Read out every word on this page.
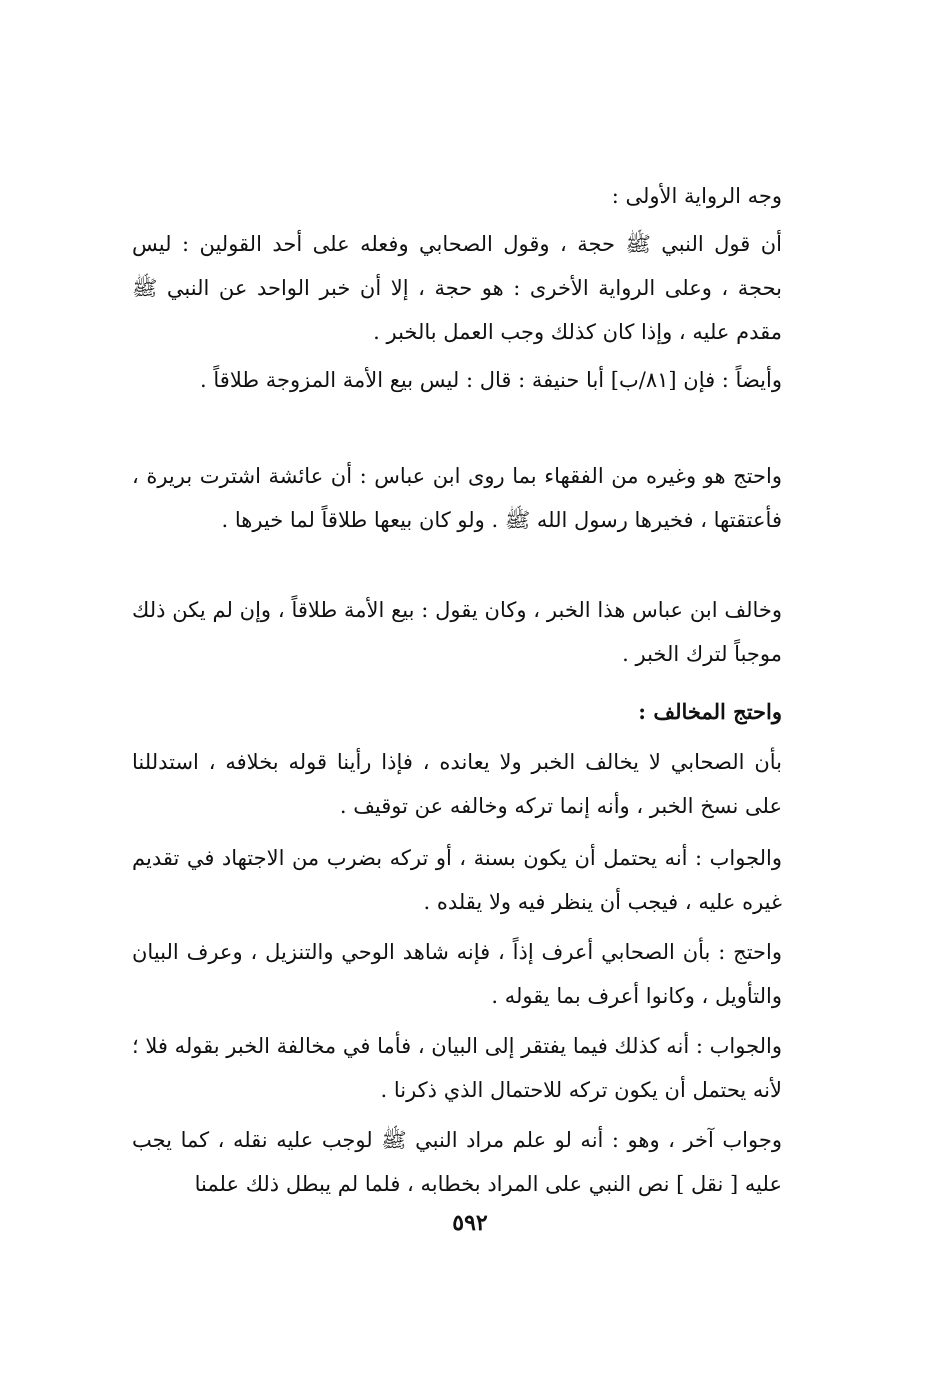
وجه الرواية الأولى :

أن قول النبي ﷺ حجة ، وقول الصحابي وفعله على أحد القولين : ليس بحجة ، وعلى الرواية الأخرى : هو حجة ، إلا أن خبر الواحد عن النبي ﷺ مقدم عليه ، وإذا كان كذلك وجب العمل بالخبر .

وأيضاً : فإن [٨١/ب] أبا حنيفة : قال : ليس بيع الأمة المزوجة طلاقاً .

واحتج هو وغيره من الفقهاء بما روى ابن عباس : أن عائشة اشترت بريرة ، فأعتقتها ، فخيرها رسول الله ﷺ . ولو كان بيعها طلاقاً لما خيرها .

وخالف ابن عباس هذا الخبر ، وكان يقول : بيع الأمة طلاقاً ، وإن لم يكن ذلك موجباً لترك الخبر .

واحتج المخالف :

بأن الصحابي لا يخالف الخبر ولا يعانده ، فإذا رأينا قوله بخلافه ، استدللنا على نسخ الخبر ، وأنه إنما تركه وخالفه عن توقيف .

والجواب : أنه يحتمل أن يكون بسنة ، أو تركه بضرب من الاجتهاد في تقديم غيره عليه ، فيجب أن ينظر فيه ولا يقلده .

واحتج : بأن الصحابي أعرف إذاً ، فإنه شاهد الوحي والتنزيل ، وعرف البيان والتأويل ، وكانوا أعرف بما يقوله .

والجواب : أنه كذلك فيما يفتقر إلى البيان ، فأما في مخالفة الخبر بقوله فلا ؛ لأنه يحتمل أن يكون تركه للاحتمال الذي ذكرنا .

وجواب آخر ، وهو : أنه لو علم مراد النبي ﷺ لوجب عليه نقله ، كما يجب عليه [ نقل ] نص النبي على المراد بخطابه ، فلما لم يبطل ذلك علمنا

٥٩٢
